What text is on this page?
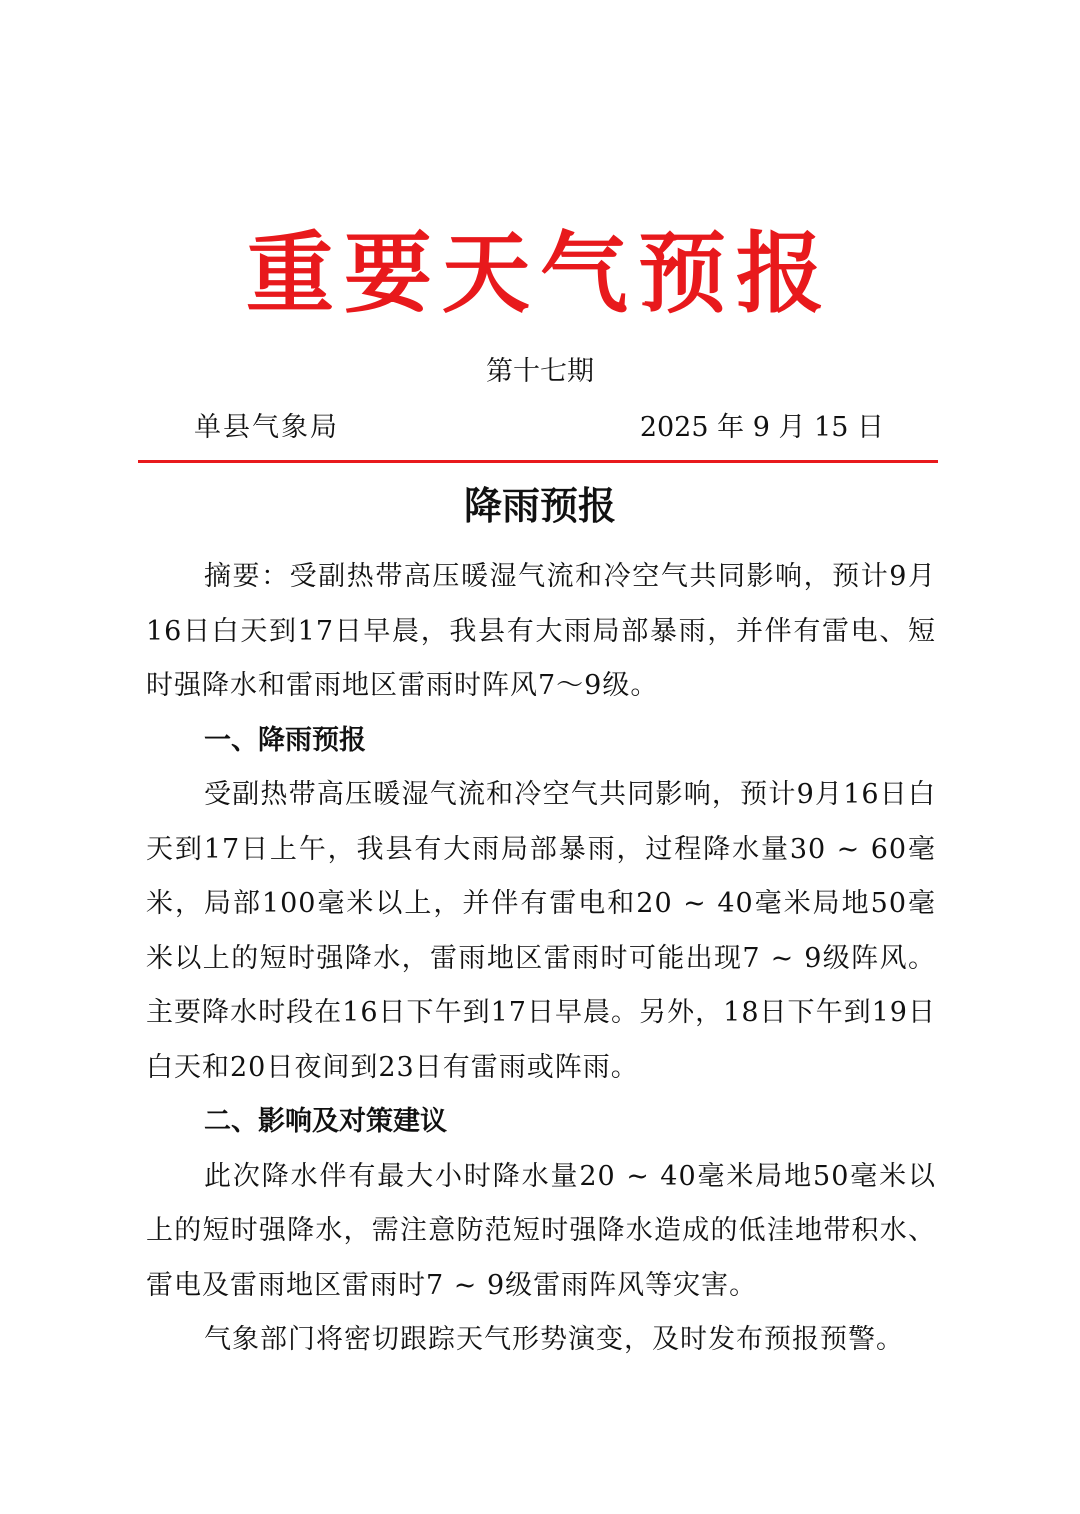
重要天气预报
第十七期
单县气象局	2025 年 9 月 15 日
降雨预报

摘要：受副热带高压暖湿气流和冷空气共同影响，预计9月16日白天到17日早晨，我县有大雨局部暴雨，并伴有雷电、短时强降水和雷雨地区雷雨时阵风7～9级。

一、降雨预报

受副热带高压暖湿气流和冷空气共同影响，预计9月16日白天到17日上午，我县有大雨局部暴雨，过程降水量30 ~ 60毫米，局部100毫米以上，并伴有雷电和20 ~ 40毫米局地50毫米以上的短时强降水，雷雨地区雷雨时可能出现7 ~ 9级阵风。主要降水时段在16日下午到17日早晨。另外，18日下午到19日白天和20日夜间到23日有雷雨或阵雨。

二、影响及对策建议

此次降水伴有最大小时降水量20 ~ 40毫米局地50毫米以上的短时强降水，需注意防范短时强降水造成的低洼地带积水、雷电及雷雨地区雷雨时7 ~ 9级雷雨阵风等灾害。

气象部门将密切跟踪天气形势演变，及时发布预报预警。
